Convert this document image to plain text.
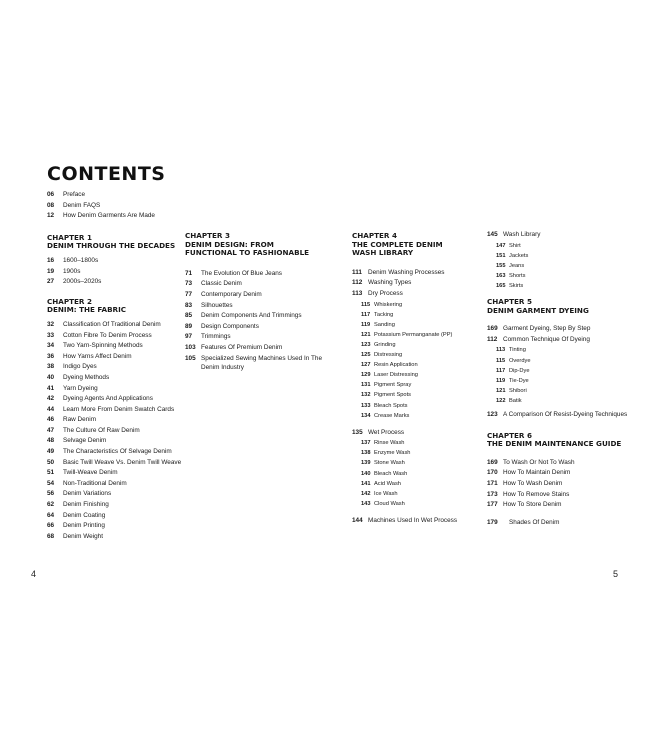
CONTENTS
06	Preface
08	Denim FAQS
12	How Denim Garments Are Made
CHAPTER 1
DENIM THROUGH THE DECADES
16	1600–1800s
19	1900s
27	2000s–2020s
CHAPTER 2
DENIM: THE FABRIC
32	Classification Of Traditional Denim
33	Cotton Fibre To Denim Process
34	Two Yarn-Spinning Methods
36	How Yarns Affect Denim
38	Indigo Dyes
40	Dyeing Methods
41	Yarn Dyeing
42	Dyeing Agents And Applications
44	Learn More From Denim Swatch Cards
46	Raw Denim
47	The Culture Of Raw Denim
48	Selvage Denim
49	The Characteristics Of Selvage Denim
50	Basic Twill Weave Vs. Denim Twill Weave
51	Twill-Weave Denim
54	Non-Traditional Denim
56	Denim Variations
62	Denim Finishing
64	Denim Coating
66	Denim Printing
68	Denim Weight
CHAPTER 3
DENIM DESIGN: FROM
FUNCTIONAL TO FASHIONABLE
71	The Evolution Of Blue Jeans
73	Classic Denim
77	Contemporary Denim
83	Silhouettes
85	Denim Components And Trimmings
89	Design Components
97	Trimmings
103 Features Of Premium Denim
105 Specialized Sewing Machines Used In The
Denim Industry
CHAPTER 4
THE COMPLETE DENIM
WASH LIBRARY
111 Denim Washing Processes
112 Washing Types
113 Dry Process
115 Whiskering
117 Tacking
119 Sanding
121 Potassium Permanganate (PP)
123 Grinding
125 Distressing
127 Resin Application
129 Laser Distressing
131 Pigment Spray
132 Pigment Spots
133 Bleach Spots
134 Crease Marks
135 Wet Process
137 Rinse Wash
138 Enzyme Wash
139 Stone Wash
140 Bleach Wash
141 Acid Wash
142 Ice Wash
143 Cloud Wash
144 Machines Used In Wet Process
145 Wash Library
147 Shirt
151 Jackets
155 Jeans
163 Shorts
165 Skirts
CHAPTER 5
DENIM GARMENT DYEING
169 Garment Dyeing, Step By Step
112 Common Technique Of Dyeing
113 Tinting
115 Overdye
117 Dip-Dye
119 Tie-Dye
121 Shibori
122 Batik
123 A Comparison Of Resist-Dyeing Techniques
CHAPTER 6
THE DENIM MAINTENANCE GUIDE
169 To Wash Or Not To Wash
170 How To Maintain Denim
171 How To Wash Denim
173 How To Remove Stains
177 How To Store Denim
179	Shades Of Denim
4	5
